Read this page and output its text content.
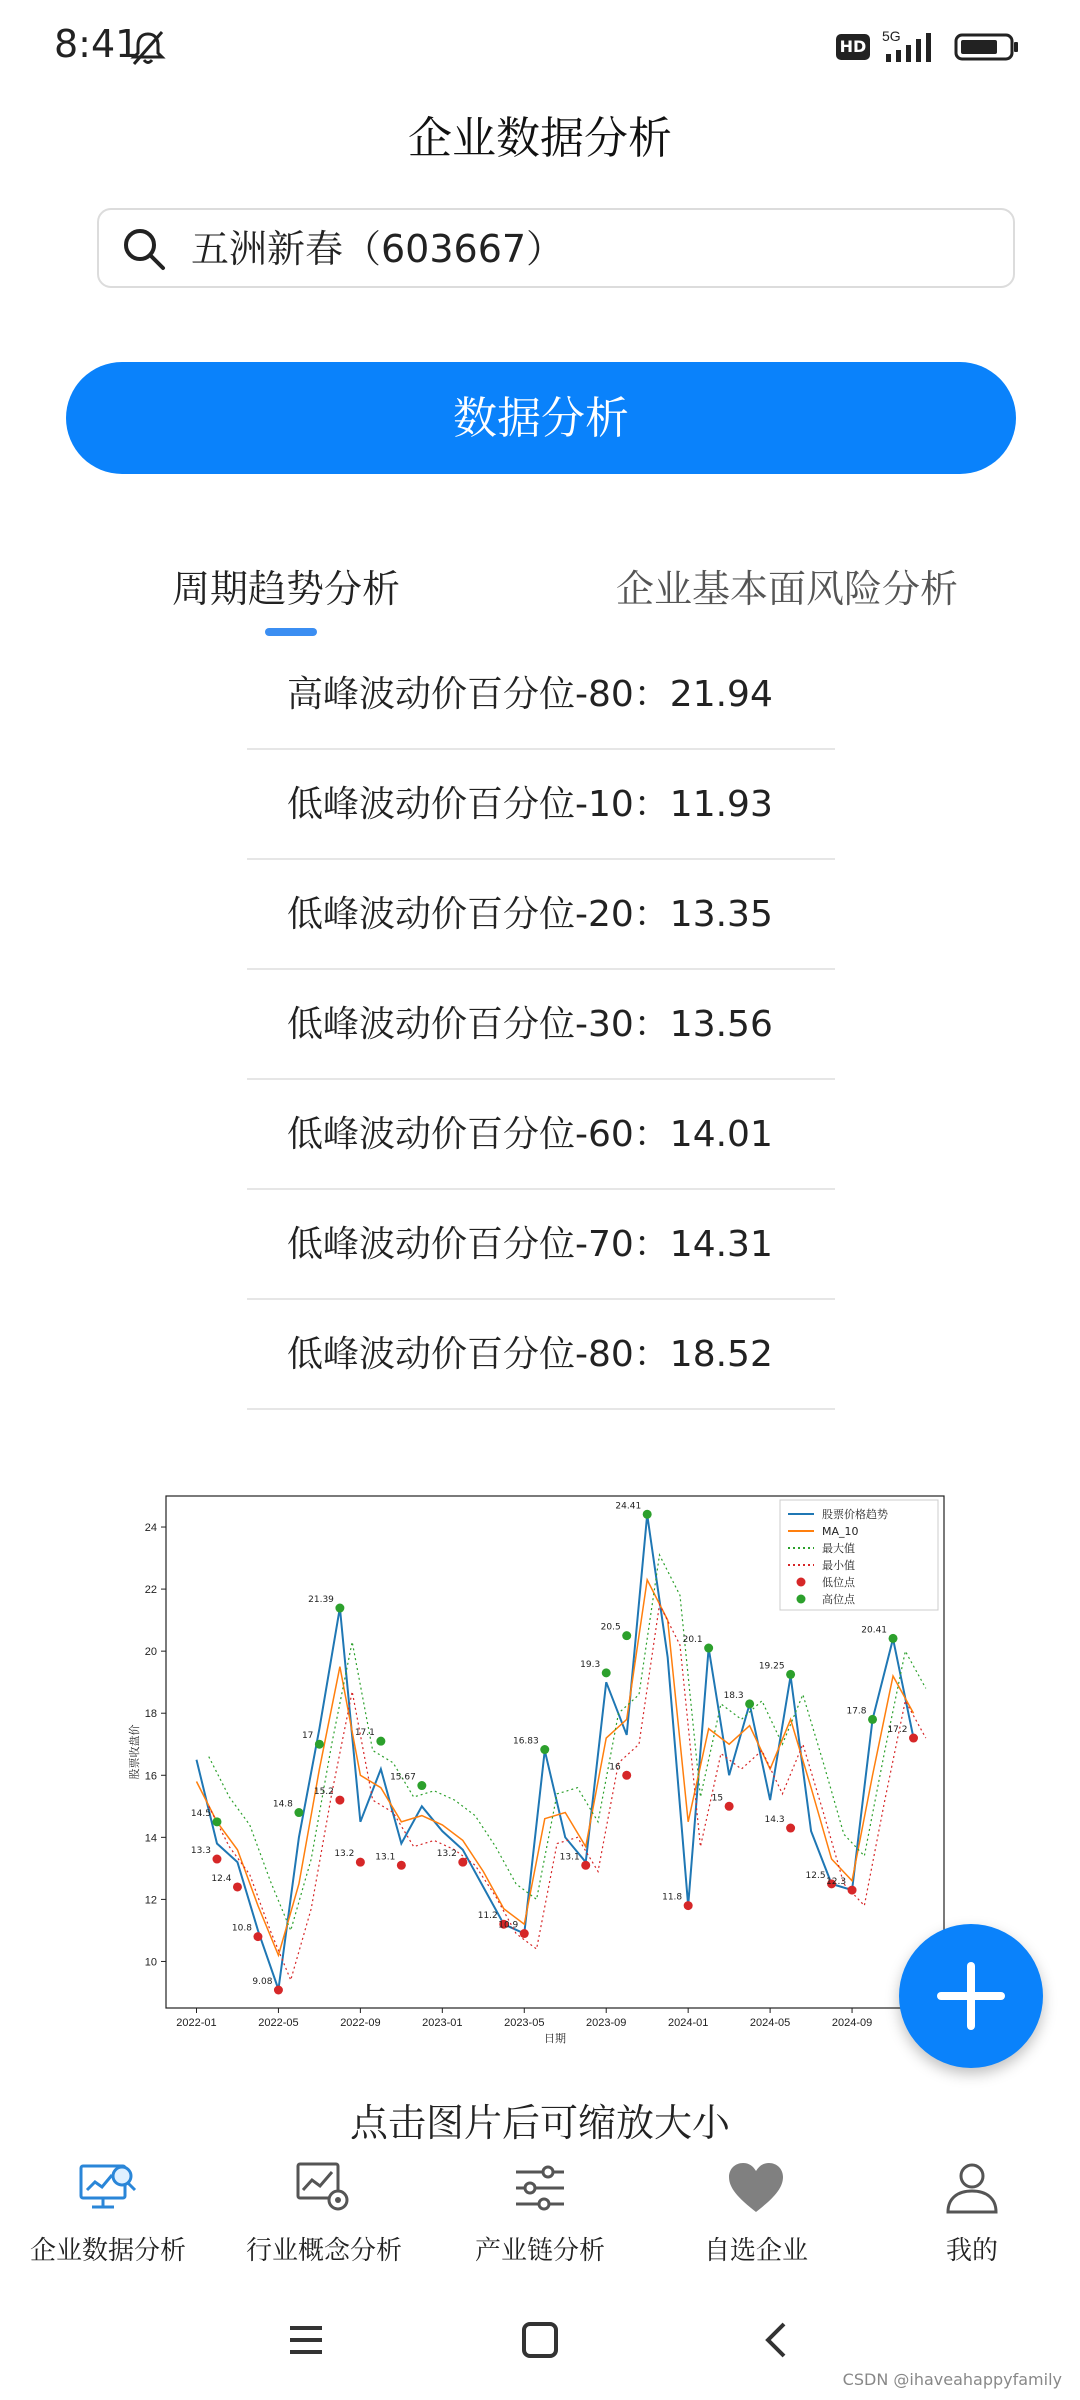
8:41	HD
5G
企业数据分析
五洲新春（603667）
数据分析
周期趋势分析	企业基本面风险分析
高峰波动价百分位-80：21.94
低峰波动价百分位-10：11.93
低峰波动价百分位-20：13.35
低峰波动价百分位-30：13.56
低峰波动价百分位-60：14.01
低峰波动价百分位-70：14.31
低峰波动价百分位-80：18.52
10
12
14
16
18
20
22
24
2022-01	2022-05	2022-09	2023-01	2023-05	2023-09	2024-01	2024-05	2024-09
日期
股票收盘价
13.3
12.4
10.8
9.08
15.2
13.2 13.1	13.2
11.2
10.9
13.1
16
11.8
15
14.3
12.5
12.3
17.2
14.5
14.8
17
21.39
17.1
15.67
16.83
19.3
20.5
24.41
20.1
18.3
19.25
17.8
20.41
股票价格趋势
MA_10
最大值
最小值
低位点
高位点
点击图片后可缩放大小
企业数据分析	行业概念分析	产业链分析	自选企业	我的
CSDN @ihaveahappyfamily
